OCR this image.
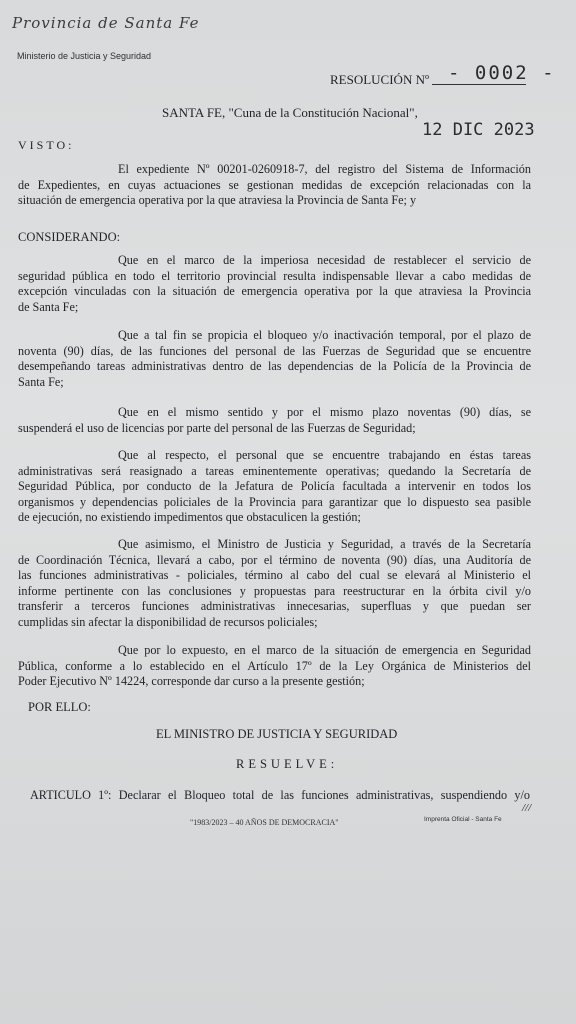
Provincia de Santa Fe
Ministerio de Justicia y Seguridad
RESOLUCIÓN Nº - 0002 -
SANTA FE, "Cuna de la Constitución Nacional",
12 DIC 2023
VISTO:
El expediente Nº 00201-0260918-7, del registro del Sistema de Información
de Expedientes, en cuyas actuaciones se gestionan medidas de excepción relacionadas con la
situación de emergencia operativa por la que atraviesa la Provincia de Santa Fe; y
CONSIDERANDO:
Que en el marco de la imperiosa necesidad de restablecer el servicio de
seguridad pública en todo el territorio provincial resulta indispensable llevar a cabo medidas de
excepción vinculadas con la situación de emergencia operativa por la que atraviesa la Provincia
de Santa Fe;
Que a tal fin se propicia el bloqueo y/o inactivación temporal, por el plazo de
noventa (90) días, de las funciones del personal de las Fuerzas de Seguridad que se encuentre
desempeñando tareas administrativas dentro de las dependencias de la Policía de la Provincia de
Santa Fe;
Que en el mismo sentido y por el mismo plazo noventas (90) días, se
suspenderá el uso de licencias por parte del personal de las Fuerzas de Seguridad;
Que al respecto, el personal que se encuentre trabajando en éstas tareas
administrativas será reasignado a tareas eminentemente operativas; quedando la Secretaría de
Seguridad Pública, por conducto de la Jefatura de Policía facultada a intervenir en todos los
organismos y dependencias policiales de la Provincia para garantizar que lo dispuesto sea pasible
de ejecución, no existiendo impedimentos que obstaculicen la gestión;
Que asimismo, el Ministro de Justicia y Seguridad, a través de la Secretaría
de Coordinación Técnica, llevará a cabo, por el término de noventa (90) días, una Auditoría de
las funciones administrativas - policiales, término al cabo del cual se elevará al Ministerio el
informe pertinente con las conclusiones y propuestas para reestructurar en la órbita civil y/o
transferir a terceros funciones administrativas innecesarias, superfluas y que puedan ser
cumplidas sin afectar la disponibilidad de recursos policiales;
Que por lo expuesto, en el marco de la situación de emergencia en Seguridad
Pública, conforme a lo establecido en el Artículo 17º de la Ley Orgánica de Ministerios del
Poder Ejecutivo Nº 14224, corresponde dar curso a la presente gestión;
POR ELLO:
EL MINISTRO DE JUSTICIA Y SEGURIDAD
RESUELVE:
ARTICULO 1º: Declarar el Bloqueo total de las funciones administrativas, suspendiendo y/o
///
"1983/2023 – 40 AÑOS DE DEMOCRACIA"	Imprenta Oficial - Santa Fe
